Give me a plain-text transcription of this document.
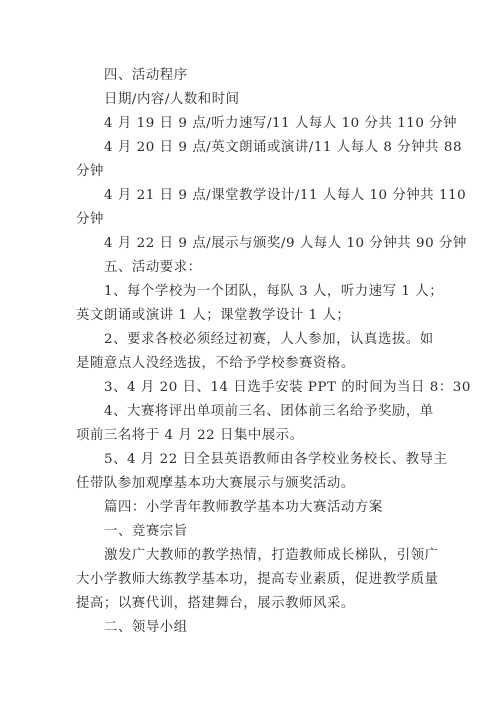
四、活动程序
日期/内容/人数和时间
4 月 19 日 9 点/听力速写/11 人每人 10 分共 110 分钟
4 月 20 日 9 点/英文朗诵或演讲/11 人每人 8 分钟共 88
分钟
4 月 21 日 9 点/课堂教学设计/11 人每人 10 分钟共 110
分钟
4 月 22 日 9 点/展示与颁奖/9 人每人 10 分钟共 90 分钟
五、活动要求：
1、每个学校为一个团队，每队 3 人，听力速写 1 人；
英文朗诵或演讲 1 人；课堂教学设计 1 人；
2、要求各校必须经过初赛，人人参加，认真选拔。如
是随意点人没经选拔，不给予学校参赛资格。
3、4 月 20 日、14 日选手安装 PPT 的时间为当日 8：30
4、大赛将评出单项前三名、团体前三名给予奖励，单
项前三名将于 4 月 22 日集中展示。
5、4 月 22 日全县英语教师由各学校业务校长、教导主
任带队参加观摩基本功大赛展示与颁奖活动。
篇四：小学青年教师教学基本功大赛活动方案
一、竞赛宗旨
激发广大教师的教学热情，打造教师成长梯队，引领广
大小学教师大练教学基本功，提高专业素质，促进教学质量
提高；以赛代训，搭建舞台，展示教师风采。
二、领导小组
